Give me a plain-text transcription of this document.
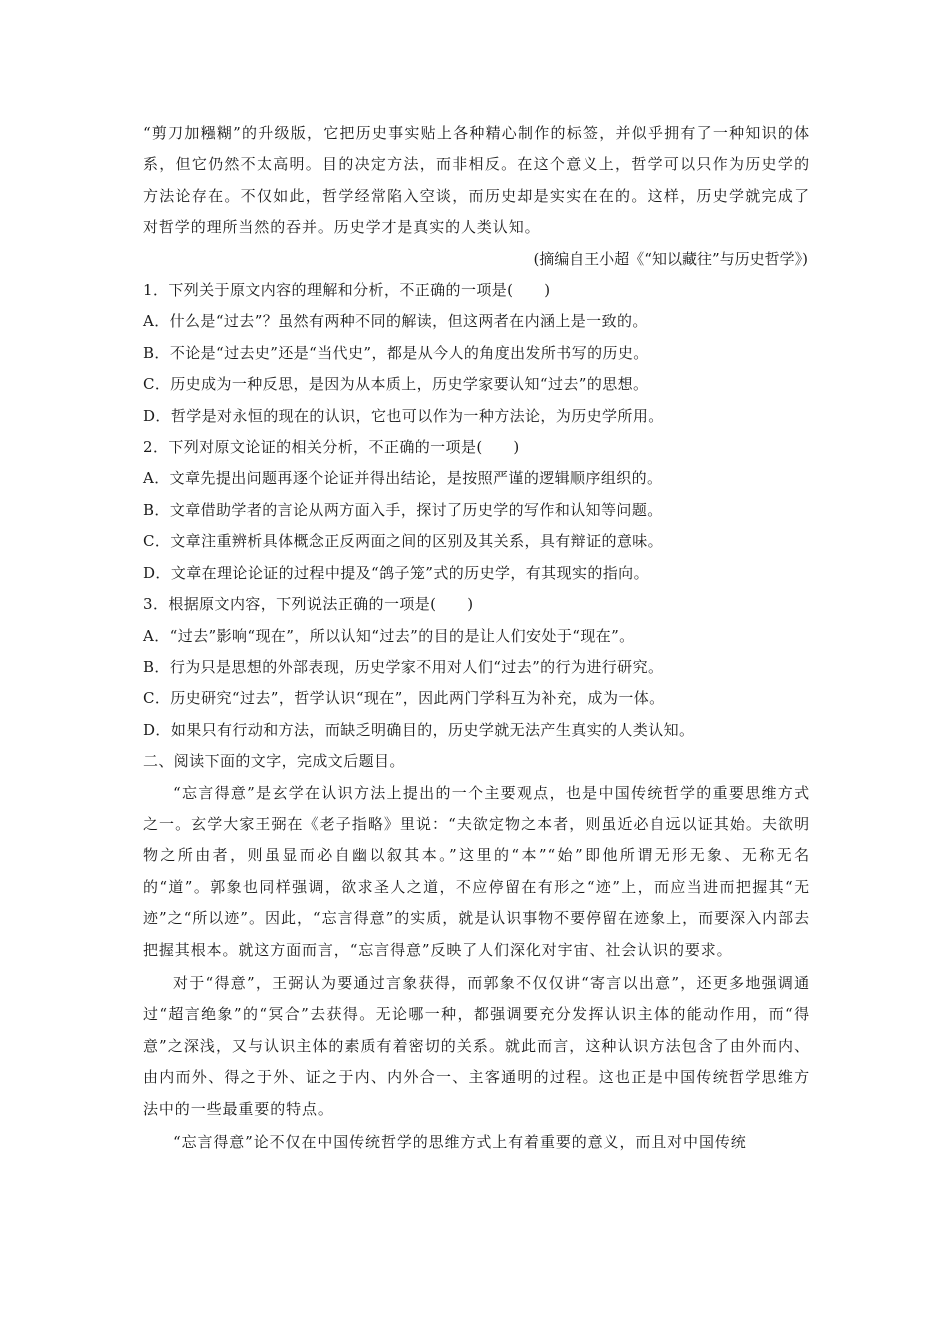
“剪刀加糨糊”的升级版，它把历史事实贴上各种精心制作的标签，并似乎拥有了一种知识的体系，但它仍然不太高明。目的决定方法，而非相反。在这个意义上，哲学可以只作为历史学的方法论存在。不仅如此，哲学经常陷入空谈，而历史却是实实在在的。这样，历史学就完成了对哲学的理所当然的吞并。历史学才是真实的人类认知。

(摘编自王小超《“知以藏往”与历史哲学》)

1．下列关于原文内容的理解和分析，不正确的一项是(　　)

A．什么是“过去”？虽然有两种不同的解读，但这两者在内涵上是一致的。

B．不论是“过去史”还是“当代史”，都是从今人的角度出发所书写的历史。

C．历史成为一种反思，是因为从本质上，历史学家要认知“过去”的思想。

D．哲学是对永恒的现在的认识，它也可以作为一种方法论，为历史学所用。

2．下列对原文论证的相关分析，不正确的一项是(　　)

A．文章先提出问题再逐个论证并得出结论，是按照严谨的逻辑顺序组织的。

B．文章借助学者的言论从两方面入手，探讨了历史学的写作和认知等问题。

C．文章注重辨析具体概念正反两面之间的区别及其关系，具有辩证的意味。

D．文章在理论论证的过程中提及“鸽子笼”式的历史学，有其现实的指向。

3．根据原文内容，下列说法正确的一项是(　　)

A．“过去”影响“现在”，所以认知“过去”的目的是让人们安处于“现在”。

B．行为只是思想的外部表现，历史学家不用对人们“过去”的行为进行研究。

C．历史研究“过去”，哲学认识“现在”，因此两门学科互为补充，成为一体。

D．如果只有行动和方法，而缺乏明确目的，历史学就无法产生真实的人类认知。

二、阅读下面的文字，完成文后题目。

“忘言得意”是玄学在认识方法上提出的一个主要观点，也是中国传统哲学的重要思维方式之一。玄学大家王弼在《老子指略》里说：“夫欲定物之本者，则虽近必自远以证其始。夫欲明物之所由者，则虽显而必自幽以叙其本。”这里的“本”“始”即他所谓无形无象、无称无名的“道”。郭象也同样强调，欲求圣人之道，不应停留在有形之“迹”上，而应当进而把握其“无迹”之“所以迹”。因此，“忘言得意”的实质，就是认识事物不要停留在迹象上，而要深入内部去把握其根本。就这方面而言，“忘言得意”反映了人们深化对宇宙、社会认识的要求。

对于“得意”，王弼认为要通过言象获得，而郭象不仅仅讲“寄言以出意”，还更多地强调通过“超言绝象”的“冥合”去获得。无论哪一种，都强调要充分发挥认识主体的能动作用，而“得意”之深浅，又与认识主体的素质有着密切的关系。就此而言，这种认识方法包含了由外而内、由内而外、得之于外、证之于内、内外合一、主客通明的过程。这也正是中国传统哲学思维方法中的一些最重要的特点。

“忘言得意”论不仅在中国传统哲学的思维方式上有着重要的意义，而且对中国传统
